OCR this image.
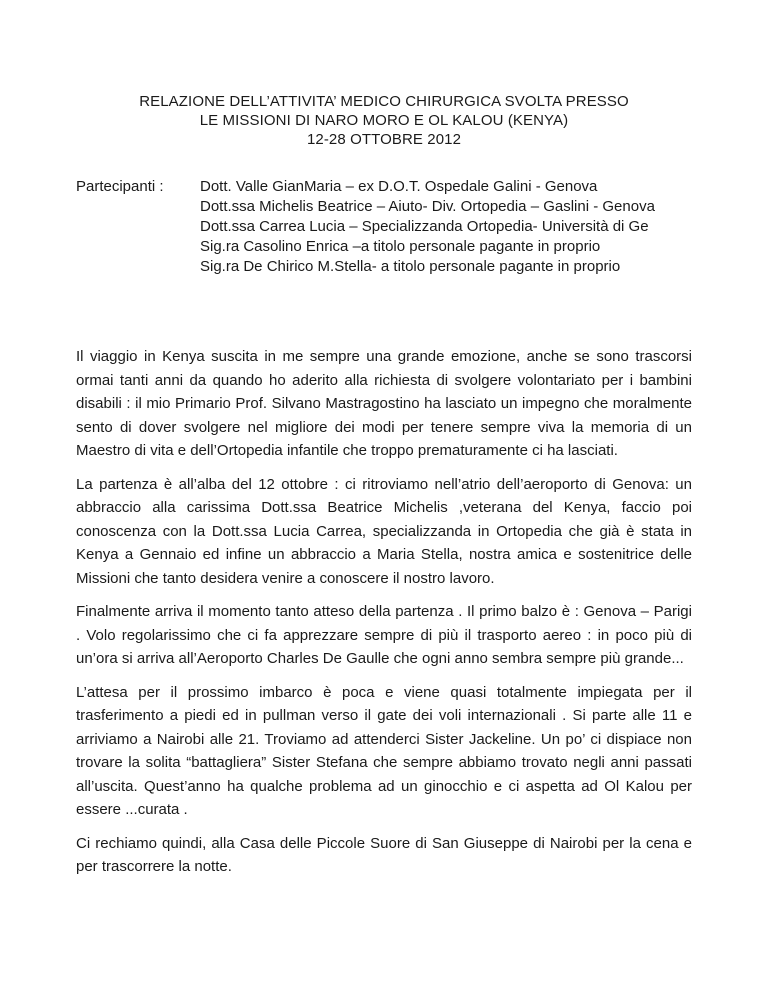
RELAZIONE DELL’ATTIVITA’ MEDICO CHIRURGICA SVOLTA PRESSO
LE MISSIONI DI NARO MORO E OL KALOU (KENYA)
12-28 OTTOBRE 2012
Partecipanti :	Dott. Valle GianMaria – ex D.O.T. Ospedale Galini - Genova
Dott.ssa Michelis Beatrice – Aiuto- Div. Ortopedia – Gaslini - Genova
Dott.ssa Carrea Lucia – Specializzanda Ortopedia- Università di Ge
Sig.ra Casolino Enrica –a titolo personale pagante in proprio
Sig.ra De Chirico M.Stella- a titolo personale pagante in proprio

Il viaggio in Kenya suscita in me sempre una grande emozione, anche se sono trascorsi ormai tanti anni da quando ho aderito alla richiesta di svolgere volontariato per i bambini disabili : il mio Primario Prof. Silvano Mastragostino ha lasciato un impegno che moralmente sento di dover svolgere nel migliore dei modi per tenere sempre viva la memoria di un Maestro di vita e dell’Ortopedia infantile che troppo prematuramente ci ha lasciati.

La partenza è all’alba del 12 ottobre : ci ritroviamo nell’atrio dell’aeroporto di Genova: un abbraccio alla carissima Dott.ssa Beatrice Michelis ,veterana del Kenya, faccio poi conoscenza con la Dott.ssa Lucia Carrea, specializzanda in Ortopedia che già è stata in Kenya a Gennaio ed infine un abbraccio a Maria Stella, nostra amica e sostenitrice delle Missioni che tanto desidera venire a conoscere il nostro lavoro.

Finalmente arriva il momento tanto atteso della partenza . Il primo balzo è : Genova – Parigi . Volo regolarissimo che ci fa apprezzare sempre di più il trasporto aereo : in poco più di un’ora si arriva all’Aeroporto Charles De Gaulle che ogni anno sembra sempre più grande...

L’attesa per il prossimo imbarco è poca e viene quasi totalmente impiegata per il trasferimento a piedi ed in pullman verso il gate dei voli internazionali . Si parte alle 11 e arriviamo a Nairobi alle 21. Troviamo ad attenderci Sister Jackeline. Un po’ ci dispiace non trovare la solita “battagliera” Sister Stefana che sempre abbiamo trovato negli anni passati all’uscita. Quest’anno ha qualche problema ad un ginocchio e ci aspetta ad Ol Kalou per essere ...curata .

Ci rechiamo quindi, alla Casa delle Piccole Suore di San Giuseppe di Nairobi per la cena e per trascorrere la notte.
